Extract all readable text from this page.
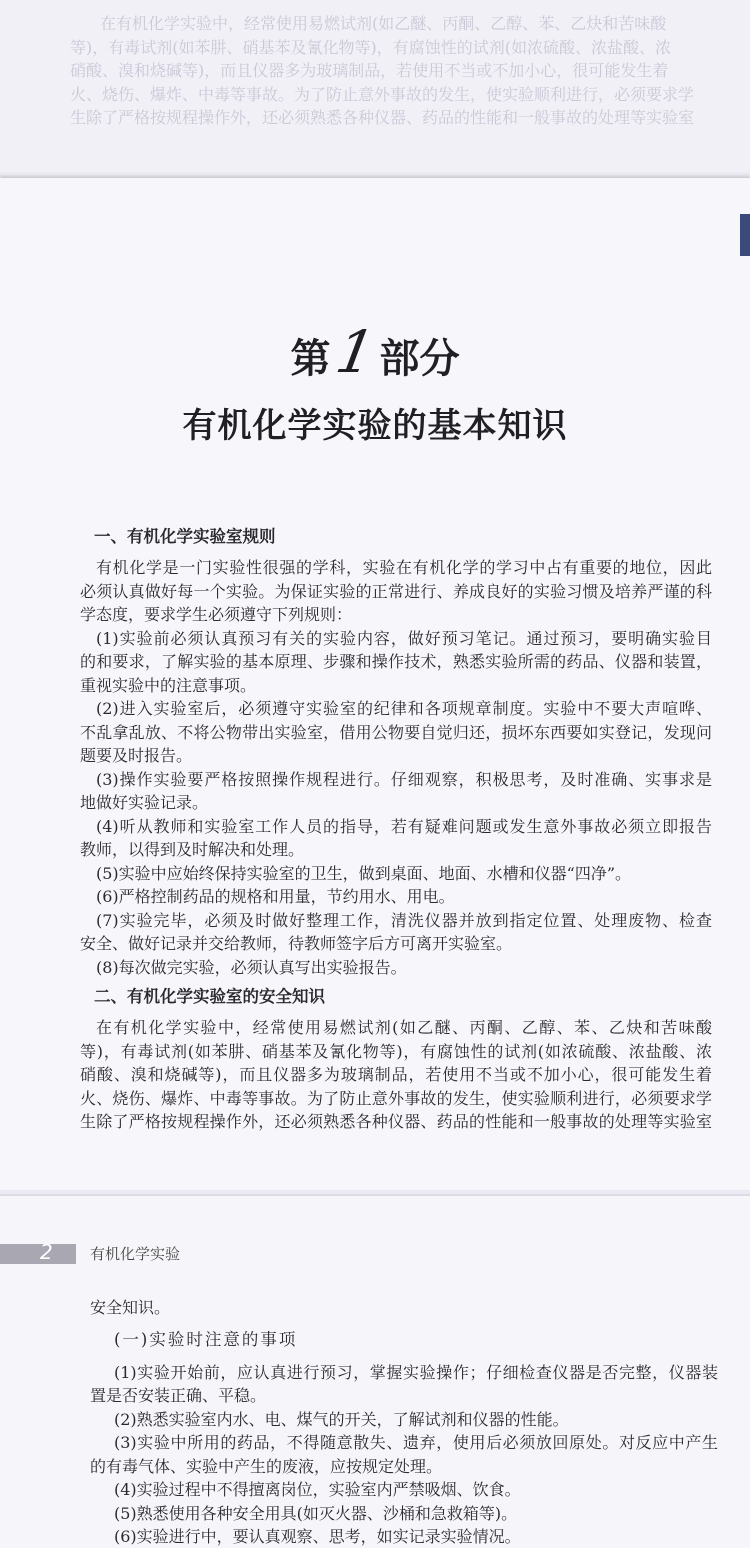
在有机化学实验中，经常使用易燃试剂(如乙醚、丙酮、乙醇、苯、乙炔和苦味酸
等)，有毒试剂(如苯肼、硝基苯及氰化物等)，有腐蚀性的试剂(如浓硫酸、浓盐酸、浓
硝酸、溴和烧碱等)，而且仪器多为玻璃制品，若使用不当或不加小心，很可能发生着
火、烧伤、爆炸、中毒等事故。为了防止意外事故的发生，使实验顺利进行，必须要求学
生除了严格按规程操作外，还必须熟悉各种仪器、药品的性能和一般事故的处理等实验室
第1部分
有机化学实验的基本知识
一、有机化学实验室规则
有机化学是一门实验性很强的学科，实验在有机化学的学习中占有重要的地位，因此
必须认真做好每一个实验。为保证实验的正常进行、养成良好的实验习惯及培养严谨的科
学态度，要求学生必须遵守下列规则：
(1)实验前必须认真预习有关的实验内容，做好预习笔记。通过预习，要明确实验目
的和要求，了解实验的基本原理、步骤和操作技术，熟悉实验所需的药品、仪器和装置，
重视实验中的注意事项。
(2)进入实验室后，必须遵守实验室的纪律和各项规章制度。实验中不要大声喧哗、
不乱拿乱放、不将公物带出实验室，借用公物要自觉归还，损坏东西要如实登记，发现问
题要及时报告。
(3)操作实验要严格按照操作规程进行。仔细观察，积极思考，及时准确、实事求是
地做好实验记录。
(4)听从教师和实验室工作人员的指导，若有疑难问题或发生意外事故必须立即报告
教师，以得到及时解决和处理。
(5)实验中应始终保持实验室的卫生，做到桌面、地面、水槽和仪器“四净”。
(6)严格控制药品的规格和用量，节约用水、用电。
(7)实验完毕，必须及时做好整理工作，清洗仪器并放到指定位置、处理废物、检查
安全、做好记录并交给教师，待教师签字后方可离开实验室。
(8)每次做完实验，必须认真写出实验报告。
二、有机化学实验室的安全知识
在有机化学实验中，经常使用易燃试剂(如乙醚、丙酮、乙醇、苯、乙炔和苦味酸
等)，有毒试剂(如苯肼、硝基苯及氰化物等)，有腐蚀性的试剂(如浓硫酸、浓盐酸、浓
硝酸、溴和烧碱等)，而且仪器多为玻璃制品，若使用不当或不加小心，很可能发生着
火、烧伤、爆炸、中毒等事故。为了防止意外事故的发生，使实验顺利进行，必须要求学
生除了严格按规程操作外，还必须熟悉各种仪器、药品的性能和一般事故的处理等实验室
2 有机化学实验
安全知识。
(一)实验时注意的事项
(1)实验开始前，应认真进行预习，掌握实验操作；仔细检查仪器是否完整，仪器装
置是否安装正确、平稳。
(2)熟悉实验室内水、电、煤气的开关，了解试剂和仪器的性能。
(3)实验中所用的药品，不得随意散失、遗弃，使用后必须放回原处。对反应中产生
的有毒气体、实验中产生的废液，应按规定处理。
(4)实验过程中不得擅离岗位，实验室内严禁吸烟、饮食。
(5)熟悉使用各种安全用具(如灭火器、沙桶和急救箱等)。
(6)实验进行中，要认真观察、思考，如实记录实验情况。
